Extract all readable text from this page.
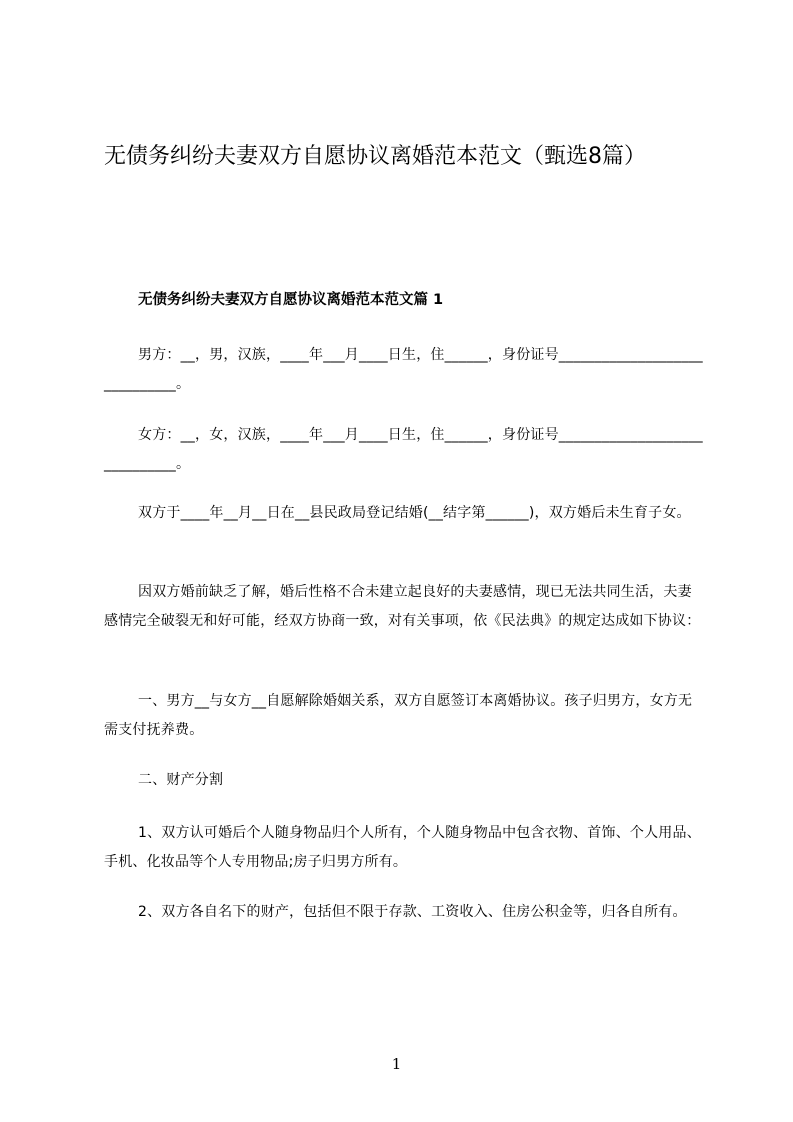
无债务纠纷夫妻双方自愿协议离婚范本范文（甄选8篇）
无债务纠纷夫妻双方自愿协议离婚范本范文篇 1

男方：__，男，汉族，____年___月____日生，住______，身份证号______________________________。

女方：__，女，汉族，____年___月____日生，住______，身份证号______________________________。

双方于____年__月__日在__县民政局登记结婚(__结字第______)，双方婚后未生育子女。

因双方婚前缺乏了解，婚后性格不合未建立起良好的夫妻感情，现已无法共同生活，夫妻感情完全破裂无和好可能，经双方协商一致，对有关事项，依《民法典》的规定达成如下协议：

一、男方__与女方__自愿解除婚姻关系，双方自愿签订本离婚协议。孩子归男方，女方无需支付抚养费。

二、财产分割

1、双方认可婚后个人随身物品归个人所有，个人随身物品中包含衣物、首饰、个人用品、手机、化妆品等个人专用物品;房子归男方所有。

2、双方各自名下的财产，包括但不限于存款、工资收入、住房公积金等，归各自所有。

1
